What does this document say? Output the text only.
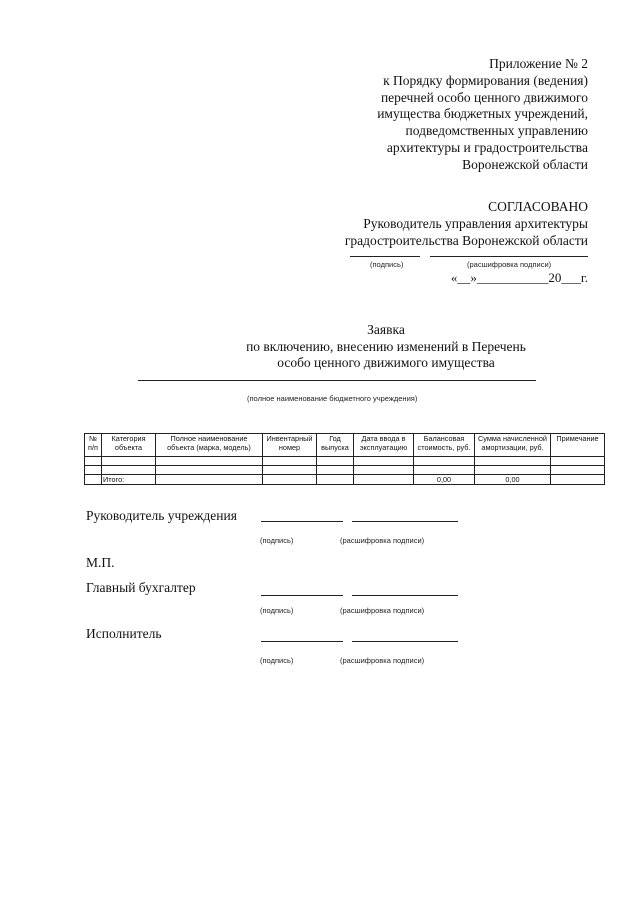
Приложение № 2
к Порядку формирования (ведения)
перечней особо ценного движимого
имущества бюджетных учреждений,
подведомственных управлению
архитектуры и градостроительства
Воронежской области
СОГЛАСОВАНО
Руководитель управления архитектуры
градостроительства Воронежской области
(подпись)	(расшифровка подписи)
«__»___________20___г.
Заявка
по включению, внесению изменений в Перечень
особо ценного движимого имущества
(полное наименование бюджетного учреждения)
№ п/п	Категория объекта	Полное наименование объекта (марка, модель)	Инвентарный номер	Год выпуска	Дата ввода в эксплуатацию	Балансовая стоимость, руб.	Сумма начисленной амортизации, руб.	Примечание

	Итого:					0,00	0,00	
Руководитель учреждения
(подпись)	(расшифровка подписи)
М.П.
Главный бухгалтер
(подпись)	(расшифровка подписи)
Исполнитель
(подпись)	(расшифровка подписи)
